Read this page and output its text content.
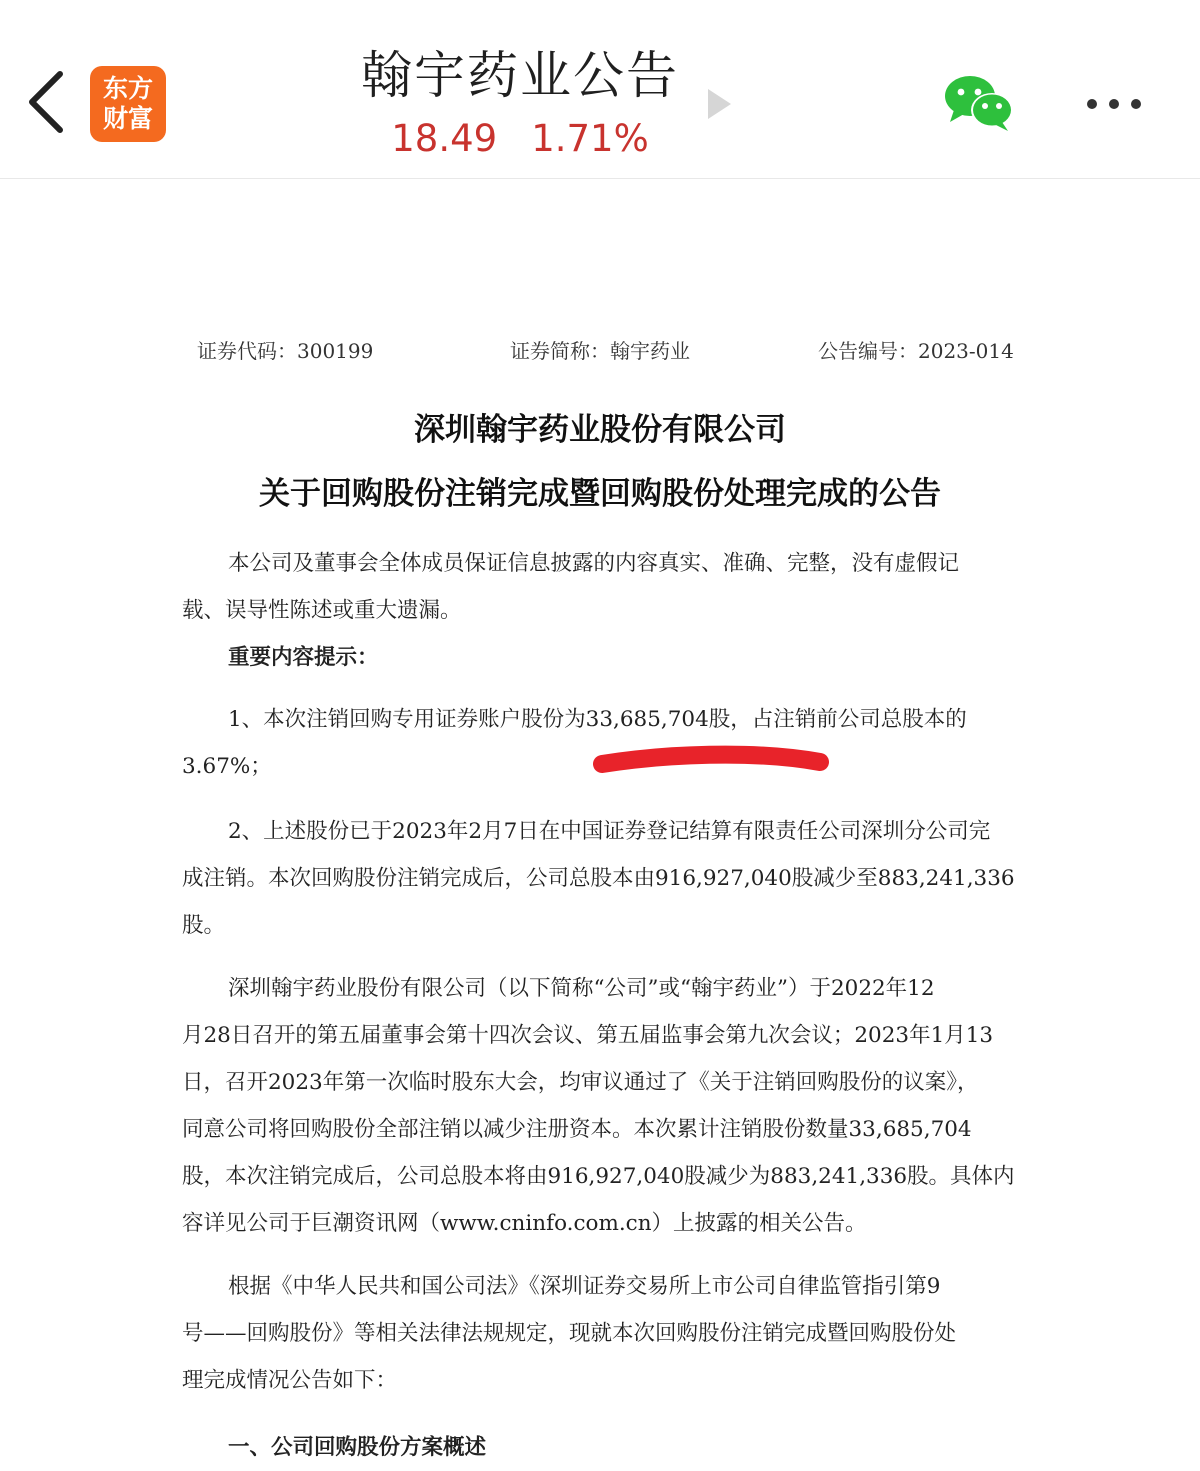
东方
财富
翰宇药业公告
18.49 1.71%
证券代码：300199	证券简称：翰宇药业	公告编号：2023-014
深圳翰宇药业股份有限公司
关于回购股份注销完成暨回购股份处理完成的公告
本公司及董事会全体成员保证信息披露的内容真实、准确、完整，没有虚假记
载、误导性陈述或重大遗漏。
重要内容提示：
1、本次注销回购专用证券账户股份为33,685,704股，占注销前公司总股本的
3.67%；
2、上述股份已于2023年2月7日在中国证券登记结算有限责任公司深圳分公司完
成注销。本次回购股份注销完成后，公司总股本由916,927,040股减少至883,241,336
股。
深圳翰宇药业股份有限公司（以下简称“公司”或“翰宇药业”）于2022年12
月28日召开的第五届董事会第十四次会议、第五届监事会第九次会议；2023年1月13
日，召开2023年第一次临时股东大会，均审议通过了《关于注销回购股份的议案》，
同意公司将回购股份全部注销以减少注册资本。本次累计注销股份数量33,685,704
股，本次注销完成后，公司总股本将由916,927,040股减少为883,241,336股。具体内
容详见公司于巨潮资讯网（www.cninfo.com.cn）上披露的相关公告。
根据《中华人民共和国公司法》《深圳证券交易所上市公司自律监管指引第9
号——回购股份》等相关法律法规规定，现就本次回购股份注销完成暨回购股份处
理完成情况公告如下：
一、公司回购股份方案概述
